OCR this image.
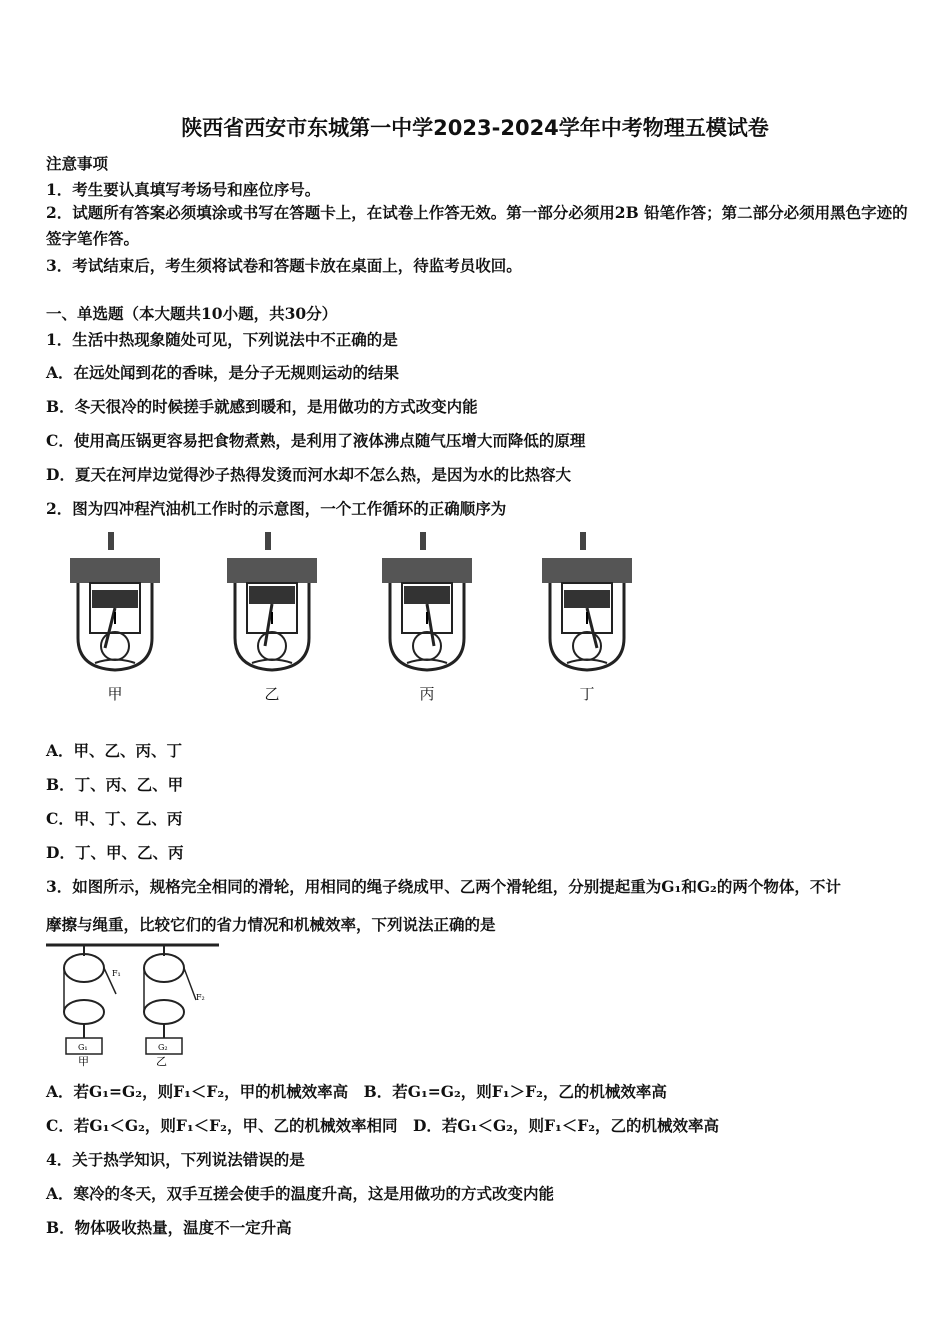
陕西省西安市东城第一中学2023-2024学年中考物理五模试卷
注意事项
1．考生要认真填写考场号和座位序号。
2．试题所有答案必须填涂或书写在答题卡上，在试卷上作答无效。第一部分必须用2B 铅笔作答；第二部分必须用黑色字迹的签字笔作答。
3．考试结束后，考生须将试卷和答题卡放在桌面上，待监考员收回。
一、单选题（本大题共10小题，共30分）
1．生活中热现象随处可见，下列说法中不正确的是
A．在远处闻到花的香味，是分子无规则运动的结果
B．冬天很冷的时候搓手就感到暖和，是用做功的方式改变内能
C．使用高压锅更容易把食物煮熟，是利用了液体沸点随气压增大而降低的原理
D．夏天在河岸边觉得沙子热得发烫而河水却不怎么热，是因为水的比热容大
2．图为四冲程汽油机工作时的示意图，一个工作循环的正确顺序为
甲	乙	丙	丁
A．甲、乙、丙、丁
B．丁、丙、乙、甲
C．甲、丁、乙、丙
D．丁、甲、乙、丙
3．如图所示，规格完全相同的滑轮，用相同的绳子绕成甲、乙两个滑轮组，分别提起重为G₁和G₂的两个物体，不计
摩擦与绳重，比较它们的省力情况和机械效率，下列说法正确的是
F₁
F₂
G₁	G₂
甲	乙
A．若G₁=G₂，则F₁＜F₂，甲的机械效率高　B．若G₁=G₂，则F₁＞F₂，乙的机械效率高
C．若G₁＜G₂，则F₁＜F₂，甲、乙的机械效率相同　D．若G₁＜G₂，则F₁＜F₂，乙的机械效率高
4．关于热学知识，下列说法错误的是
A．寒冷的冬天，双手互搓会使手的温度升高，这是用做功的方式改变内能
B．物体吸收热量，温度不一定升高
